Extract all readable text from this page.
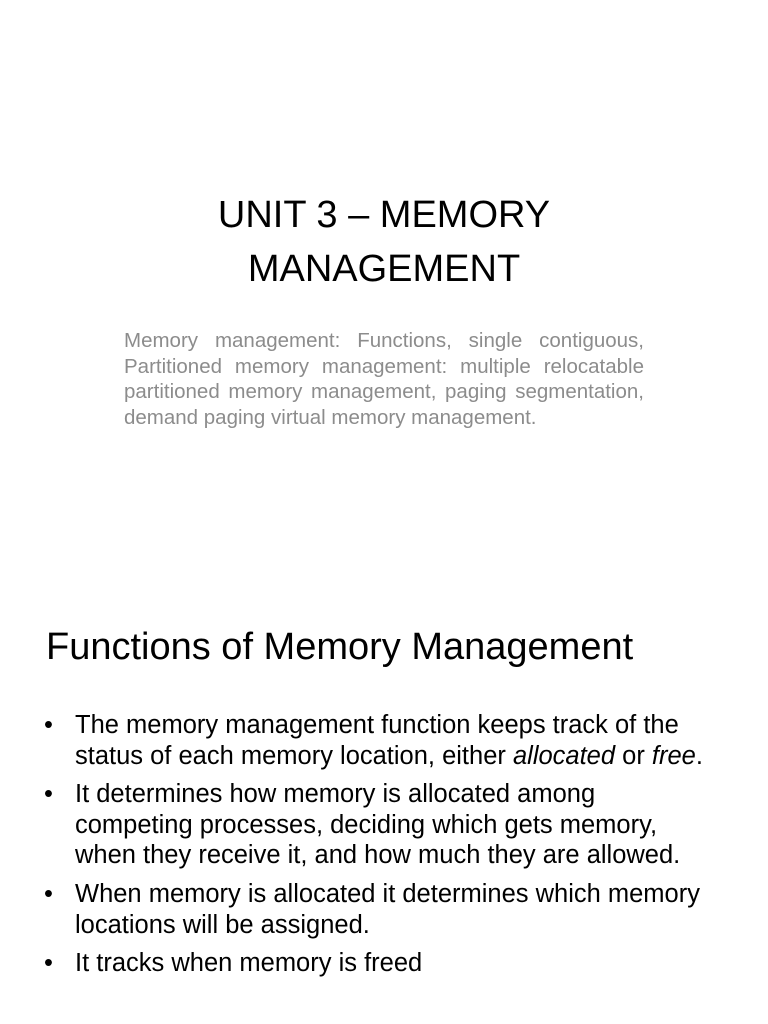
UNIT 3 – MEMORY
MANAGEMENT
Memory management: Functions, single contiguous, Partitioned memory management: multiple relocatable partitioned memory management, paging segmentation, demand paging virtual memory management.
Functions of Memory Management
• The memory management function keeps track of the status of each memory location, either allocated or free.
• It determines how memory is allocated among competing processes, deciding which gets memory, when they receive it, and how much they are allowed.
• When memory is allocated it determines which memory locations will be assigned.
• It tracks when memory is freed
